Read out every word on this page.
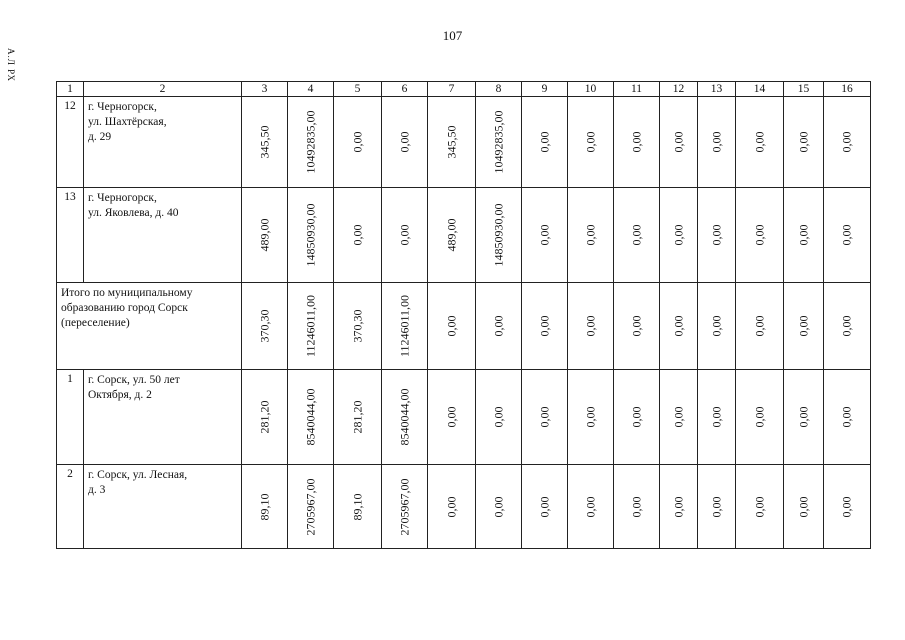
107
А.Л РХ
1	2	3	4	5	6	7	8	9	10	11	12	13	14	15	16
12	г. Черногорск,
ул. Шахтёрская,
д. 29	345,50	10492835,00	0,00	0,00	345,50	10492835,00	0,00	0,00	0,00	0,00	0,00	0,00	0,00	0,00

13	г. Черногорск,
ул. Яковлева, д. 40	489,00	14850930,00	0,00	0,00	489,00	14850930,00	0,00	0,00	0,00	0,00	0,00	0,00	0,00	0,00

Итого по муниципальному образованию город Сорск (переселение)		370,30	11246011,00	370,30	11246011,00	0,00	0,00	0,00	0,00	0,00	0,00	0,00	0,00	0,00	0,00

1	г. Сорск, ул. 50 лет
Октября, д. 2	281,20	8540044,00	281,20	8540044,00	0,00	0,00	0,00	0,00	0,00	0,00	0,00	0,00	0,00	0,00

2	г. Сорск, ул. Лесная,
д. 3	89,10	2705967,00	89,10	2705967,00	0,00	0,00	0,00	0,00	0,00	0,00	0,00	0,00	0,00	0,00
